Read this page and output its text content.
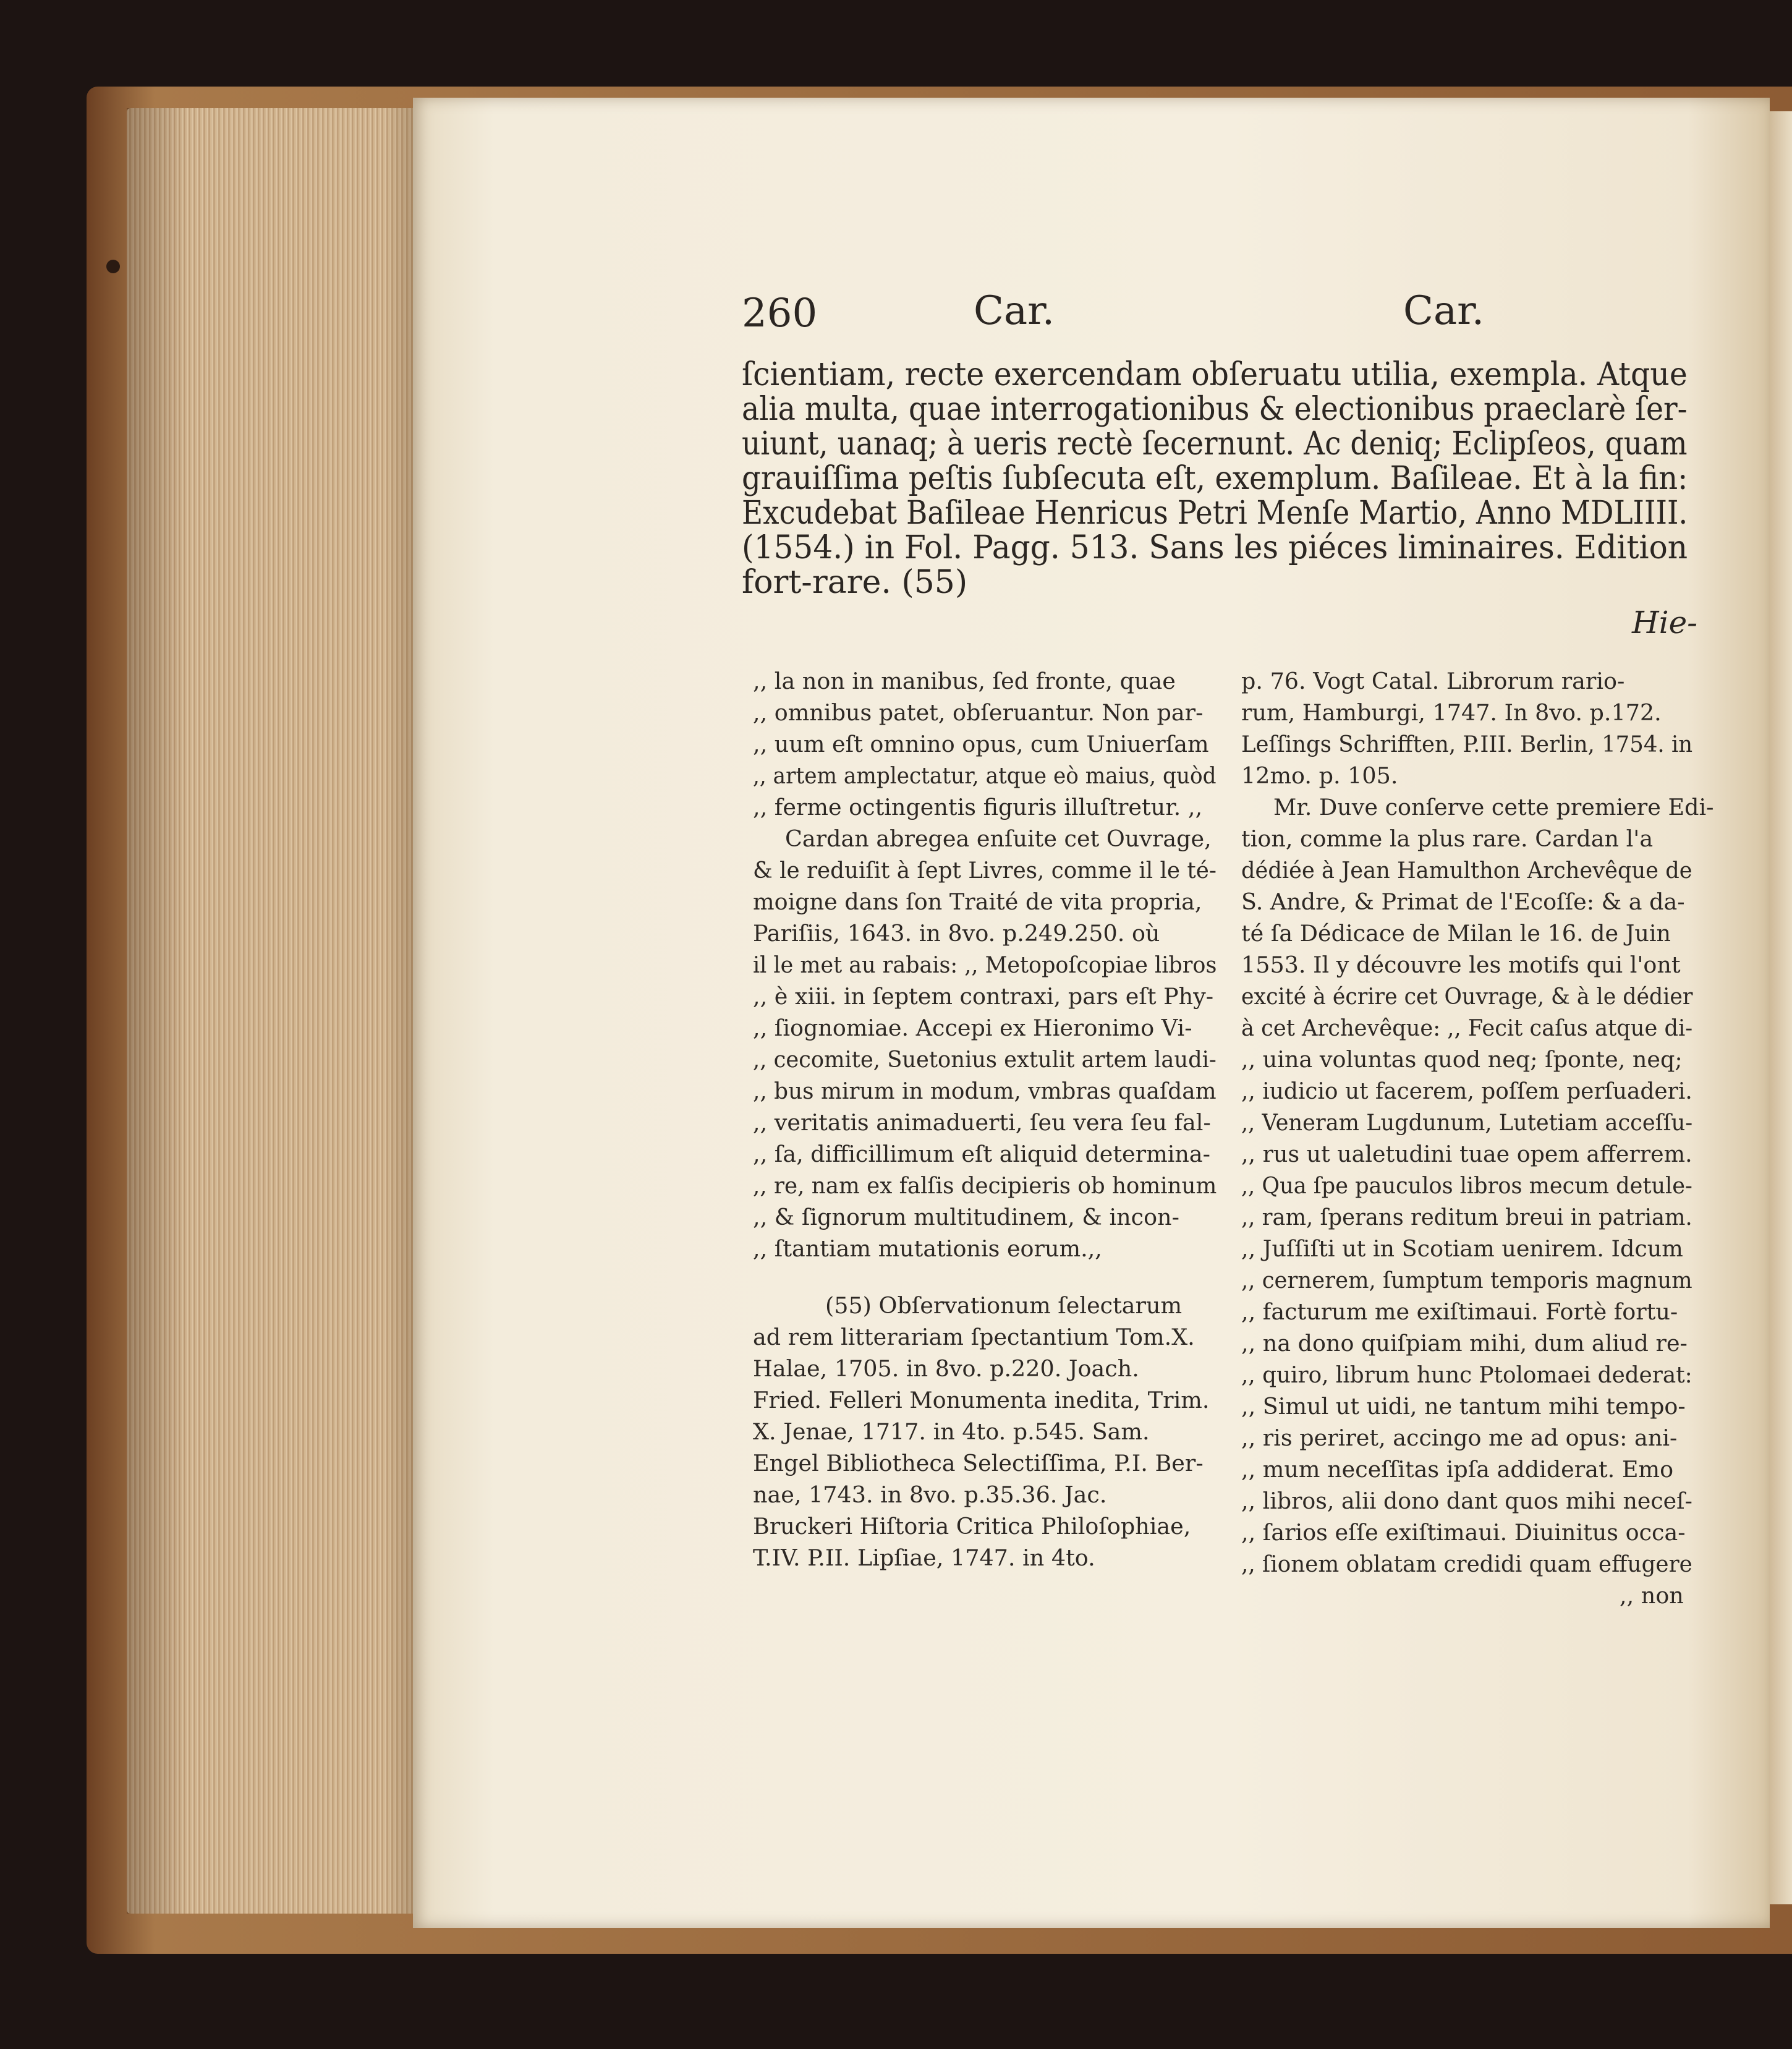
260	Car.	Car.
ſcientiam, recte exercendam obſeruatu utilia, exempla. Atque
alia multa, quae interrogationibus & electionibus praeclarè ſer-
uiunt, uanaq; à ueris rectè ſecernunt. Ac deniq; Eclipſeos, quam
grauiſſima peſtis ſubſecuta eſt, exemplum. Baſileae. Et à la fin:
Excudebat Baſileae Henricus Petri Menſe Martio, Anno MDLIIII.
(1554.) in Fol. Pagg. 513. Sans les piéces liminaires. Edition
fort-rare. (55)
Hie-
,, la non in manibus, ſed fronte, quae
,, omnibus patet, obſeruantur. Non par-
,, uum eſt omnino opus, cum Uniuerſam
,, artem amplectatur, atque eò maius, quòd
,, ferme octingentis figuris illuſtretur. ,,
Cardan abregea enſuite cet Ouvrage,
& le reduiſit à ſept Livres, comme il le té-
moigne dans ſon Traité de vita propria,
Pariſiis, 1643. in 8vo. p.249.250. où
il le met au rabais: ,, Metopoſcopiae libros
,, è xiii. in ſeptem contraxi, pars eſt Phy-
,, ſiognomiae. Accepi ex Hieronimo Vi-
,, cecomite, Suetonius extulit artem laudi-
,, bus mirum in modum, vmbras quaſdam
,, veritatis animaduerti, ſeu vera ſeu fal-
,, ſa, difficillimum eſt aliquid determina-
,, re, nam ex falſis decipieris ob hominum
,, & ſignorum multitudinem, & incon-
,, ſtantiam mutationis eorum.,,
(55) Obſervationum ſelectarum
ad rem litterariam ſpectantium Tom.X.
Halae, 1705. in 8vo. p.220. Joach.
Fried. Felleri Monumenta inedita, Trim.
X. Jenae, 1717. in 4to. p.545. Sam.
Engel Bibliotheca Selectiſſima, P.I. Ber-
nae, 1743. in 8vo. p.35.36. Jac.
Bruckeri Hiſtoria Critica Philoſophiae,
T.IV. P.II. Lipſiae, 1747. in 4to.
p. 76. Vogt Catal. Librorum rario-
rum, Hamburgi, 1747. In 8vo. p.172.
Leſſings Schrifften, P.III. Berlin, 1754. in
12mo. p. 105.
Mr. Duve conſerve cette premiere Edi-
tion, comme la plus rare. Cardan l'a
dédiée à Jean Hamulthon Archevêque de
S. Andre, & Primat de l'Ecoſſe: & a da-
té ſa Dédicace de Milan le 16. de Juin
1553. Il y découvre les motifs qui l'ont
excité à écrire cet Ouvrage, & à le dédier
à cet Archevêque: ,, Fecit caſus atque di-
,, uina voluntas quod neq; ſponte, neq;
,, iudicio ut facerem, poſſem perſuaderi.
,, Veneram Lugdunum, Lutetiam acceſſu-
,, rus ut ualetudini tuae opem afferrem.
,, Qua ſpe pauculos libros mecum detule-
,, ram, ſperans reditum breui in patriam.
,, Juſſiſti ut in Scotiam uenirem. Idcum
,, cernerem, ſumptum temporis magnum
,, facturum me exiſtimaui. Fortè fortu-
,, na dono quiſpiam mihi, dum aliud re-
,, quiro, librum hunc Ptolomaei dederat:
,, Simul ut uidi, ne tantum mihi tempo-
,, ris periret, accingo me ad opus: ani-
,, mum neceſſitas ipſa addiderat. Emo
,, libros, alii dono dant quos mihi neceſ-
,, ſarios eſſe exiſtimaui. Diuinitus occa-
,, ſionem oblatam credidi quam effugere
,, non
